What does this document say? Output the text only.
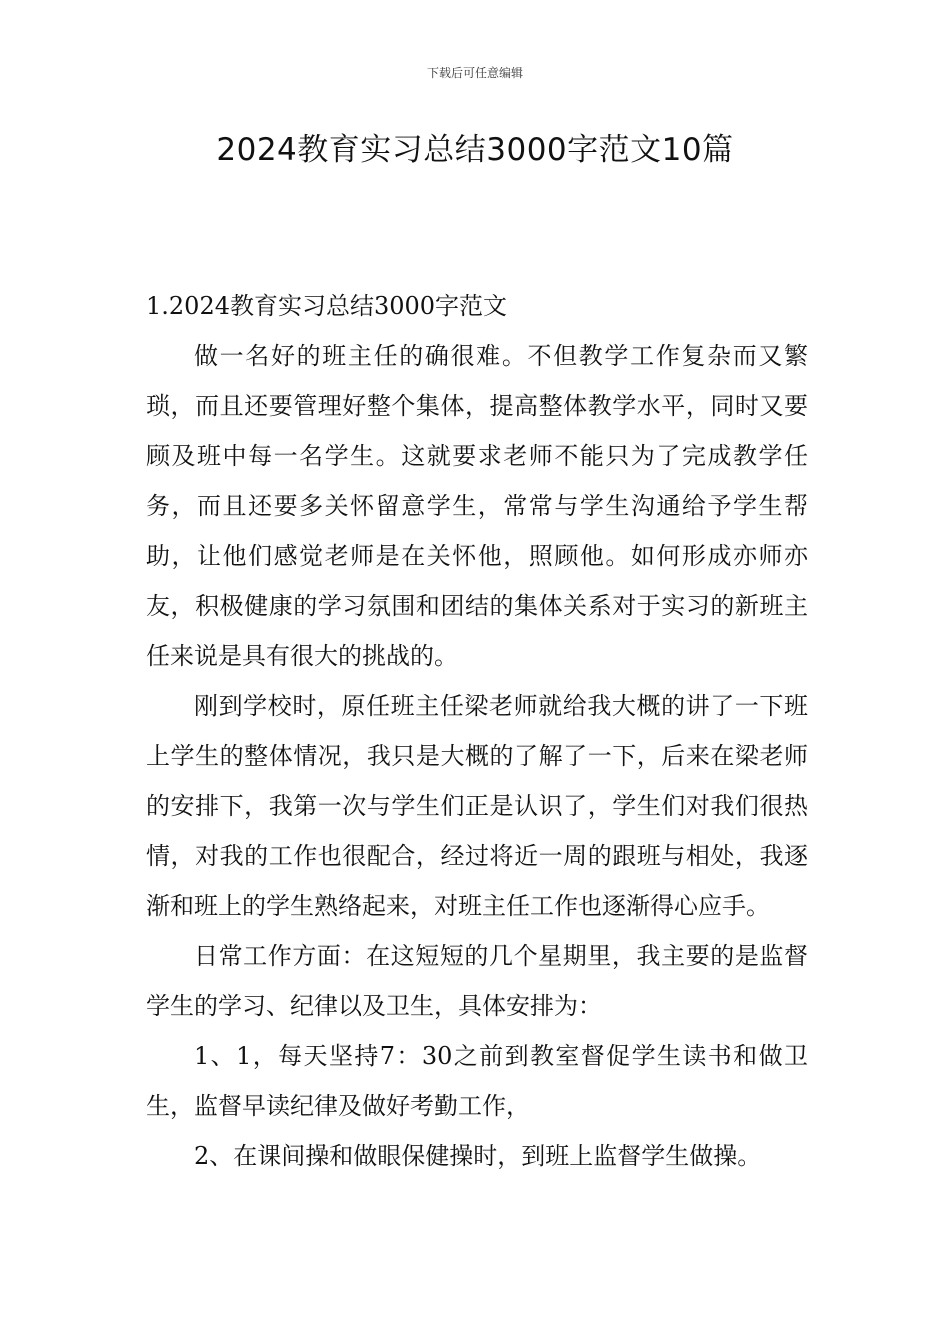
下载后可任意编辑
2024教育实习总结3000字范文10篇
1.2024教育实习总结3000字范文

做一名好的班主任的确很难。不但教学工作复杂而又繁琐，而且还要管理好整个集体，提高整体教学水平，同时又要顾及班中每一名学生。这就要求老师不能只为了完成教学任务，而且还要多关怀留意学生，常常与学生沟通给予学生帮助，让他们感觉老师是在关怀他，照顾他。如何形成亦师亦友，积极健康的学习氛围和团结的集体关系对于实习的新班主任来说是具有很大的挑战的。

刚到学校时，原任班主任梁老师就给我大概的讲了一下班上学生的整体情况，我只是大概的了解了一下，后来在梁老师的安排下，我第一次与学生们正是认识了，学生们对我们很热情，对我的工作也很配合，经过将近一周的跟班与相处，我逐渐和班上的学生熟络起来，对班主任工作也逐渐得心应手。

日常工作方面：在这短短的几个星期里，我主要的是监督学生的学习、纪律以及卫生，具体安排为：

1、1，每天坚持7：30之前到教室督促学生读书和做卫生，监督早读纪律及做好考勤工作，

2、在课间操和做眼保健操时，到班上监督学生做操。
